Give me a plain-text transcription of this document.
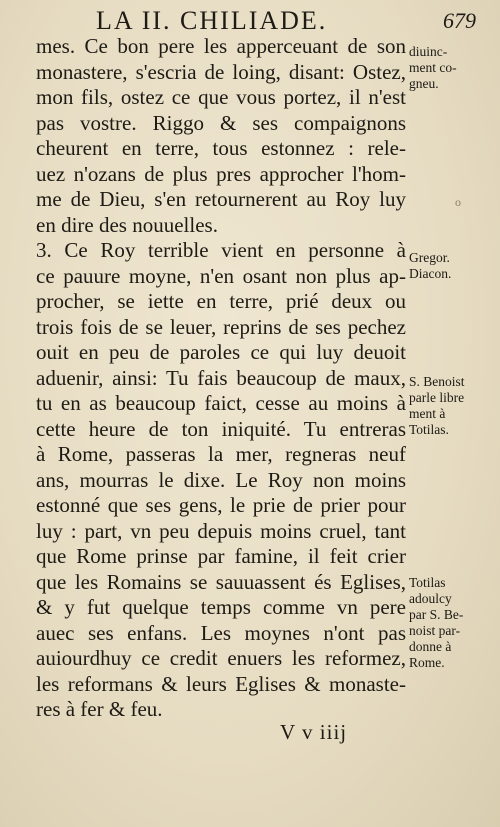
LA II. CHILIADE.	679
mes. Ce bon pere les apperceuant de son
monastere, s'escria de loing, disant: Ostez,
mon fils, ostez ce que vous portez, il n'est
pas vostre. Riggo & ses compaignons
cheurent en terre, tous estonnez : rele-
uez n'ozans de plus pres approcher l'hom-
me de Dieu, s'en retournerent au Roy luy
en dire des nouuelles.
3. Ce Roy terrible vient en personne à
ce pauure moyne, n'en osant non plus ap-
procher, se iette en terre, prié deux ou
trois fois de se leuer, reprins de ses pechez
ouit en peu de paroles ce qui luy deuoit
aduenir, ainsi: Tu fais beaucoup de maux,
tu en as beaucoup faict, cesse au moins à
cette heure de ton iniquité. Tu entreras
à Rome, passeras la mer, regneras neuf
ans, mourras le dixe. Le Roy non moins
estonné que ses gens, le prie de prier pour
luy : part, vn peu depuis moins cruel, tant
que Rome prinse par famine, il feit crier
que les Romains se sauuassent és Eglises,
& y fut quelque temps comme vn pere
auec ses enfans. Les moynes n'ont pas
auiourdhuy ce credit enuers les reformez,
les reformans & leurs Eglises & monaste-
res à fer & feu.
V v iiij
diuinc-
ment co-
gneu.
Gregor.
Diacon.
S. Benoist
parle libre
ment à
Totilas.
Totilas
adoulcy
par S. Be-
noist par-
donne à
Rome.
o
